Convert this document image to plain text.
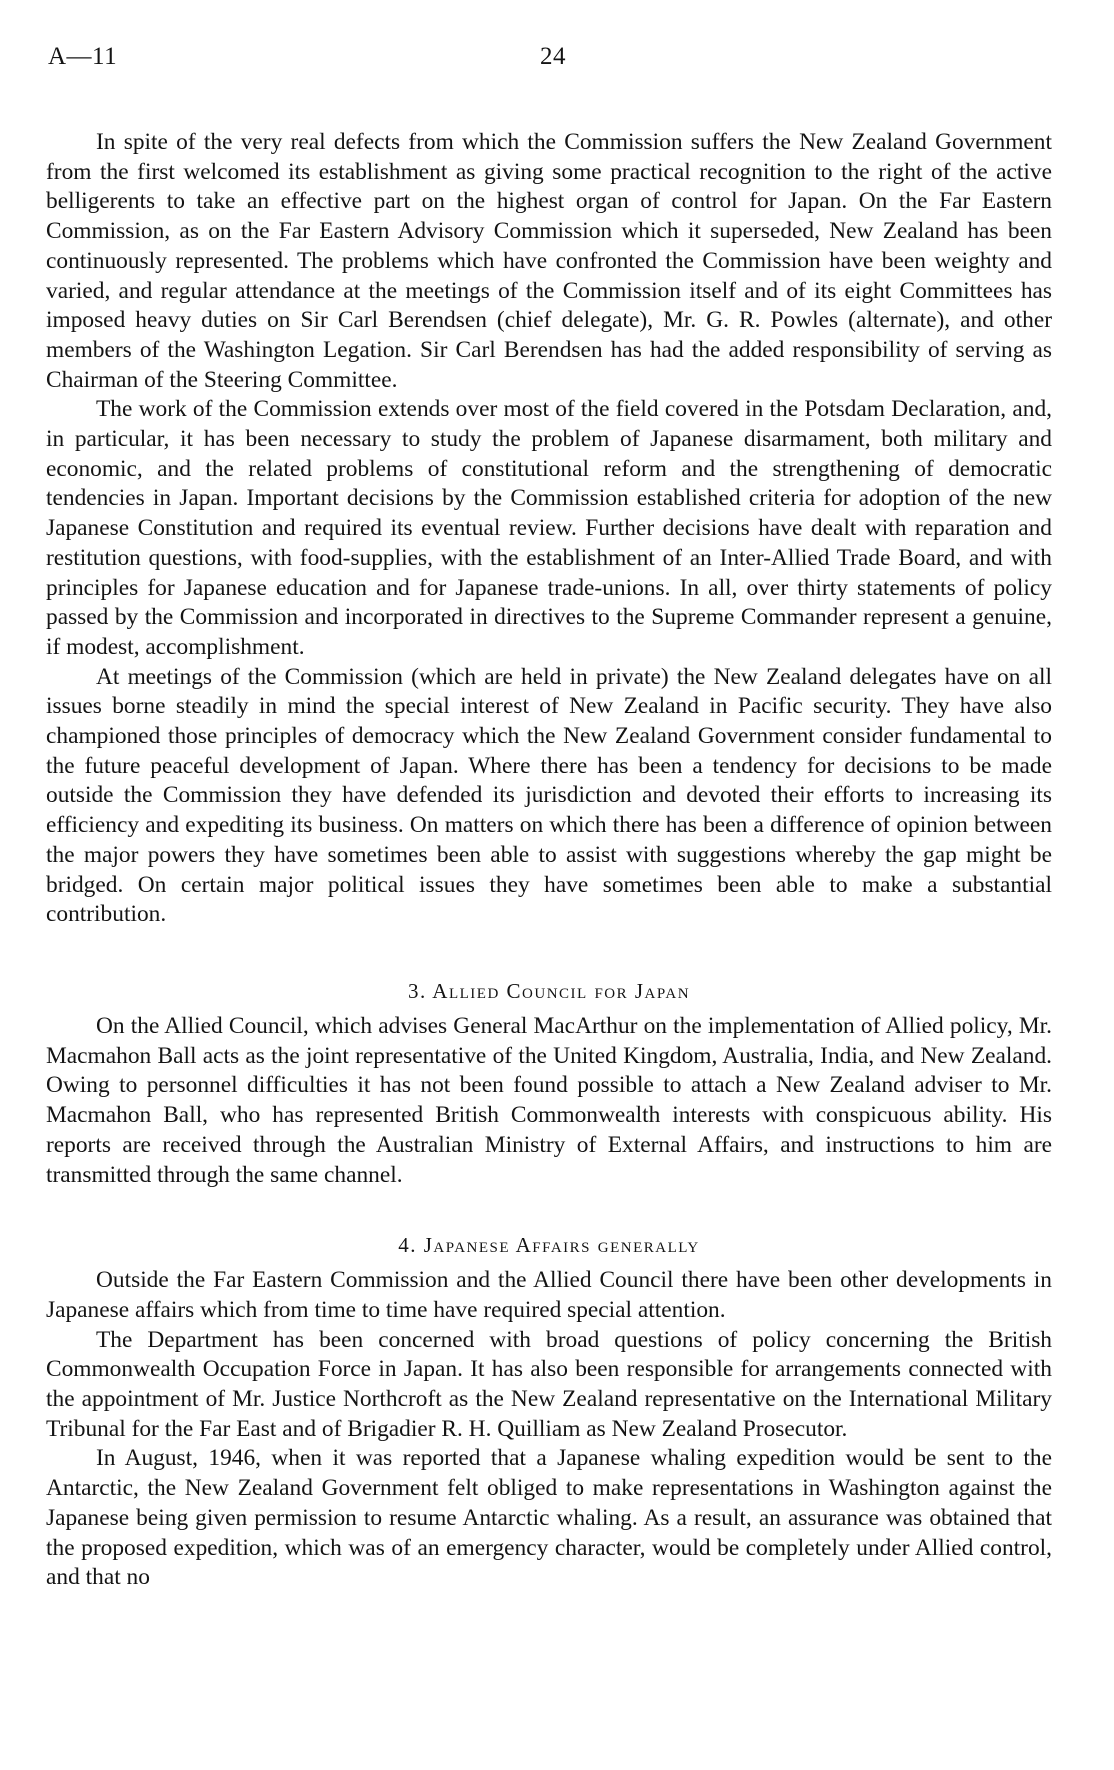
A—11	24

In spite of the very real defects from which the Commission suffers the New Zealand Government from the first welcomed its establishment as giving some practical recognition to the right of the active belligerents to take an effective part on the highest organ of control for Japan. On the Far Eastern Commission, as on the Far Eastern Advisory Commission which it superseded, New Zealand has been continuously represented. The problems which have confronted the Commission have been weighty and varied, and regular attendance at the meetings of the Commission itself and of its eight Committees has imposed heavy duties on Sir Carl Berendsen (chief delegate), Mr. G. R. Powles (alternate), and other members of the Washington Legation. Sir Carl Berendsen has had the added responsibility of serving as Chairman of the Steering Committee.

The work of the Commission extends over most of the field covered in the Potsdam Declaration, and, in particular, it has been necessary to study the problem of Japanese disarmament, both military and economic, and the related problems of constitutional reform and the strengthening of democratic tendencies in Japan. Important decisions by the Commission established criteria for adoption of the new Japanese Constitution and required its eventual review. Further decisions have dealt with reparation and restitution questions, with food-supplies, with the establishment of an Inter-Allied Trade Board, and with principles for Japanese education and for Japanese trade-unions. In all, over thirty statements of policy passed by the Commission and incorporated in directives to the Supreme Commander represent a genuine, if modest, accomplishment.

At meetings of the Commission (which are held in private) the New Zealand delegates have on all issues borne steadily in mind the special interest of New Zealand in Pacific security. They have also championed those principles of democracy which the New Zealand Government consider fundamental to the future peaceful development of Japan. Where there has been a tendency for decisions to be made outside the Commission they have defended its jurisdiction and devoted their efforts to increasing its efficiency and expediting its business. On matters on which there has been a difference of opinion between the major powers they have sometimes been able to assist with suggestions whereby the gap might be bridged. On certain major political issues they have sometimes been able to make a substantial contribution.

3. Allied Council for Japan

On the Allied Council, which advises General MacArthur on the implementation of Allied policy, Mr. Macmahon Ball acts as the joint representative of the United Kingdom, Australia, India, and New Zealand. Owing to personnel difficulties it has not been found possible to attach a New Zealand adviser to Mr. Macmahon Ball, who has represented British Commonwealth interests with conspicuous ability. His reports are received through the Australian Ministry of External Affairs, and instructions to him are transmitted through the same channel.

4. Japanese Affairs generally

Outside the Far Eastern Commission and the Allied Council there have been other developments in Japanese affairs which from time to time have required special attention.

The Department has been concerned with broad questions of policy concerning the British Commonwealth Occupation Force in Japan. It has also been responsible for arrangements connected with the appointment of Mr. Justice Northcroft as the New Zealand representative on the International Military Tribunal for the Far East and of Brigadier R. H. Quilliam as New Zealand Prosecutor.

In August, 1946, when it was reported that a Japanese whaling expedition would be sent to the Antarctic, the New Zealand Government felt obliged to make representations in Washington against the Japanese being given permission to resume Antarctic whaling. As a result, an assurance was obtained that the proposed expedition, which was of an emergency character, would be completely under Allied control, and that no
